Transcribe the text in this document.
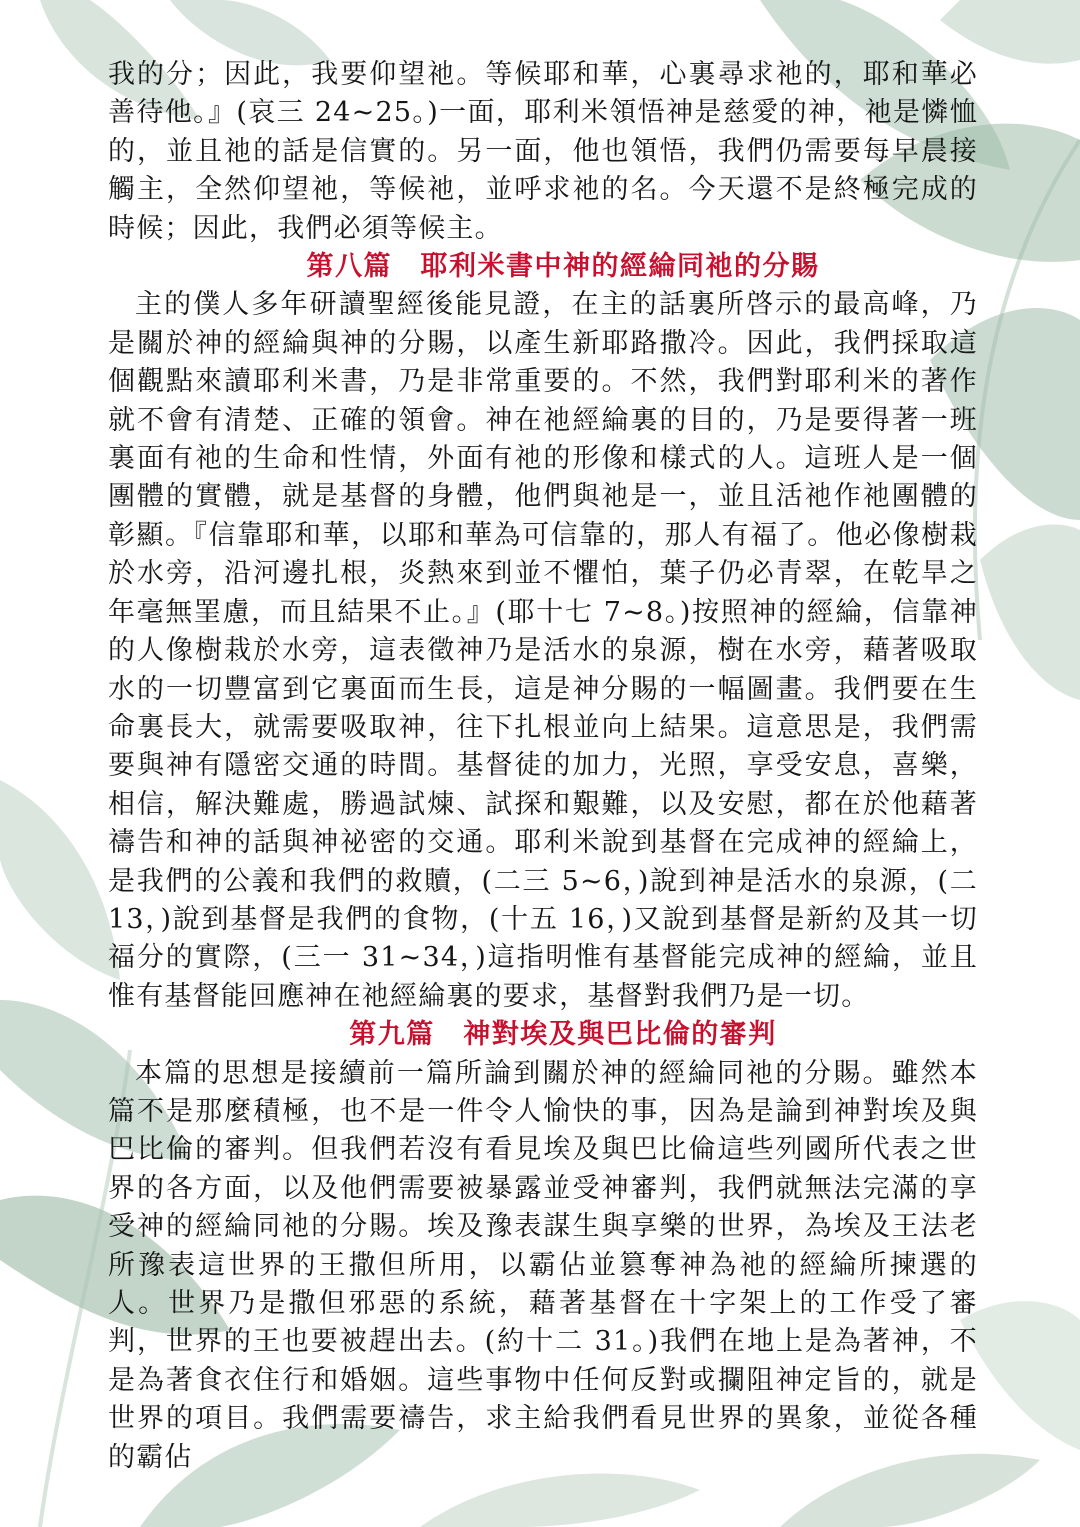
我的分；因此，我要仰望祂。等候耶和華，心裏尋求祂的，耶和華必善待他。』(哀三 24~25。)一面，耶利米領悟神是慈愛的神，祂是憐恤的，並且祂的話是信實的。另一面，他也領悟，我們仍需要每早晨接觸主，全然仰望祂，等候祂，並呼求祂的名。今天還不是終極完成的時候；因此，我們必須等候主。

第八篇　耶利米書中神的經綸同祂的分賜

主的僕人多年研讀聖經後能見證，在主的話裏所啓示的最高峰，乃是關於神的經綸與神的分賜，以產生新耶路撒冷。因此，我們採取這個觀點來讀耶利米書，乃是非常重要的。不然，我們對耶利米的著作就不會有清楚、正確的領會。神在祂經綸裏的目的，乃是要得著一班裏面有祂的生命和性情，外面有祂的形像和樣式的人。這班人是一個團體的實體，就是基督的身體，他們與祂是一，並且活祂作祂團體的彰顯。『信靠耶和華，以耶和華為可信靠的，那人有福了。他必像樹栽於水旁，沿河邊扎根，炎熱來到並不懼怕，葉子仍必青翠，在乾旱之年毫無罣慮，而且結果不止。』(耶十七 7~8。)按照神的經綸，信靠神的人像樹栽於水旁，這表徵神乃是活水的泉源，樹在水旁，藉著吸取水的一切豐富到它裏面而生長，這是神分賜的一幅圖畫。我們要在生命裏長大，就需要吸取神，往下扎根並向上結果。這意思是，我們需要與神有隱密交通的時間。基督徒的加力，光照，享受安息，喜樂，相信，解決難處，勝過試煉、試探和艱難，以及安慰，都在於他藉著禱告和神的話與神祕密的交通。耶利米說到基督在完成神的經綸上，是我們的公義和我們的救贖，(二三 5~6，)說到神是活水的泉源，(二 13，)說到基督是我們的食物，(十五 16，)又說到基督是新約及其一切福分的實際，(三一 31~34，)這指明惟有基督能完成神的經綸，並且惟有基督能回應神在祂經綸裏的要求，基督對我們乃是一切。

第九篇　神對埃及與巴比倫的審判

本篇的思想是接續前一篇所論到關於神的經綸同祂的分賜。雖然本篇不是那麼積極，也不是一件令人愉快的事，因為是論到神對埃及與巴比倫的審判。但我們若沒有看見埃及與巴比倫這些列國所代表之世界的各方面，以及他們需要被暴露並受神審判，我們就無法完滿的享受神的經綸同祂的分賜。埃及豫表謀生與享樂的世界，為埃及王法老所豫表這世界的王撒但所用，以霸佔並篡奪神為祂的經綸所揀選的人。世界乃是撒但邪惡的系統，藉著基督在十字架上的工作受了審判，世界的王也要被趕出去。(約十二 31。)我們在地上是為著神，不是為著食衣住行和婚姻。這些事物中任何反對或攔阻神定旨的，就是世界的項目。我們需要禱告，求主給我們看見世界的異象，並從各種的霸佔
